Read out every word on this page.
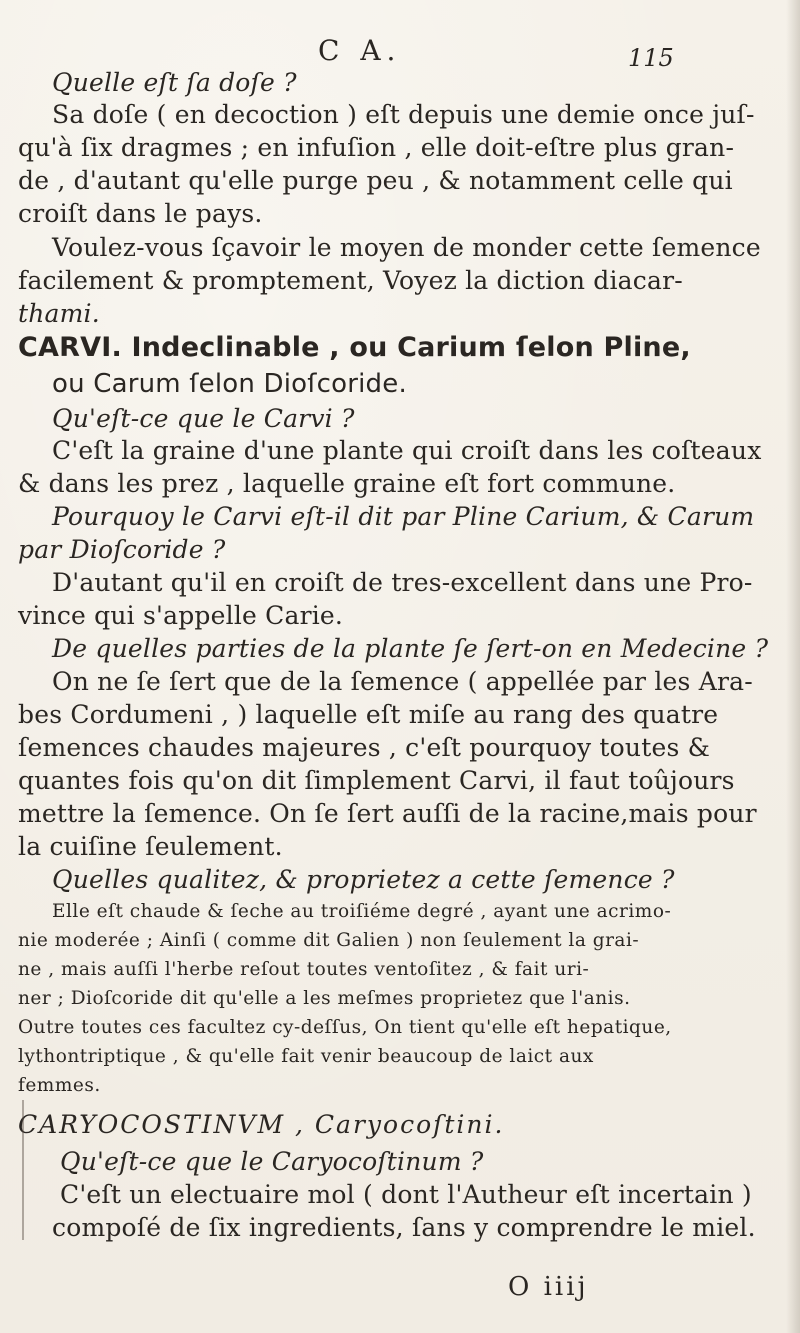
C A.	115
Quelle eſt ſa doſe ?
Sa doſe ( en decoction ) eſt depuis une demie once juſ-
qu'à ſix dragmes ; en infuſion , elle doit-eſtre plus gran-
de , d'autant qu'elle purge peu , & notamment celle qui
croiſt dans le pays.
Voulez-vous ſçavoir le moyen de monder cette ſemence
facilement & promptement, Voyez la diction diacar-
thami.
CARVI. Indeclinable , ou Carium ſelon Pline,
ou Carum ſelon Dioſcoride.
Qu'eſt-ce que le Carvi ?
C'eſt la graine d'une plante qui croiſt dans les coſteaux
& dans les prez , laquelle graine eſt fort commune.
Pourquoy le Carvi eſt-il dit par Pline Carium, & Carum
par Dioſcoride ?
D'autant qu'il en croiſt de tres-excellent dans une Pro-
vince qui s'appelle Carie.
De quelles parties de la plante ſe ſert-on en Medecine ?
On ne ſe ſert que de la ſemence ( appellée par les Ara-
bes Cordumeni , ) laquelle eſt miſe au rang des quatre
ſemences chaudes majeures , c'eſt pourquoy toutes &
quantes fois qu'on dit ſimplement Carvi, il faut toûjours
mettre la ſemence. On ſe ſert auſſi de la racine,mais pour
la cuiſine ſeulement.
Quelles qualitez, & proprietez a cette ſemence ?
Elle eſt chaude & ſeche au troiſiéme degré , ayant une acrimo-
nie moderée ; Ainſi ( comme dit Galien ) non ſeulement la grai-
ne , mais auſſi l'herbe reſout toutes ventoſitez , & fait uri-
ner ; Dioſcoride dit qu'elle a les meſmes proprietez que l'anis.
Outre toutes ces facultez cy-deſſus, On tient qu'elle eſt hepatique,
lythontriptique , & qu'elle fait venir beaucoup de laict aux
femmes.
CARYOCOSTINVM , Caryocoſtini.
Qu'eſt-ce que le Caryocoſtinum ?
C'eſt un electuaire mol ( dont l'Autheur eſt incertain )
compoſé de ſix ingredients, ſans y comprendre le miel.
O iiij
